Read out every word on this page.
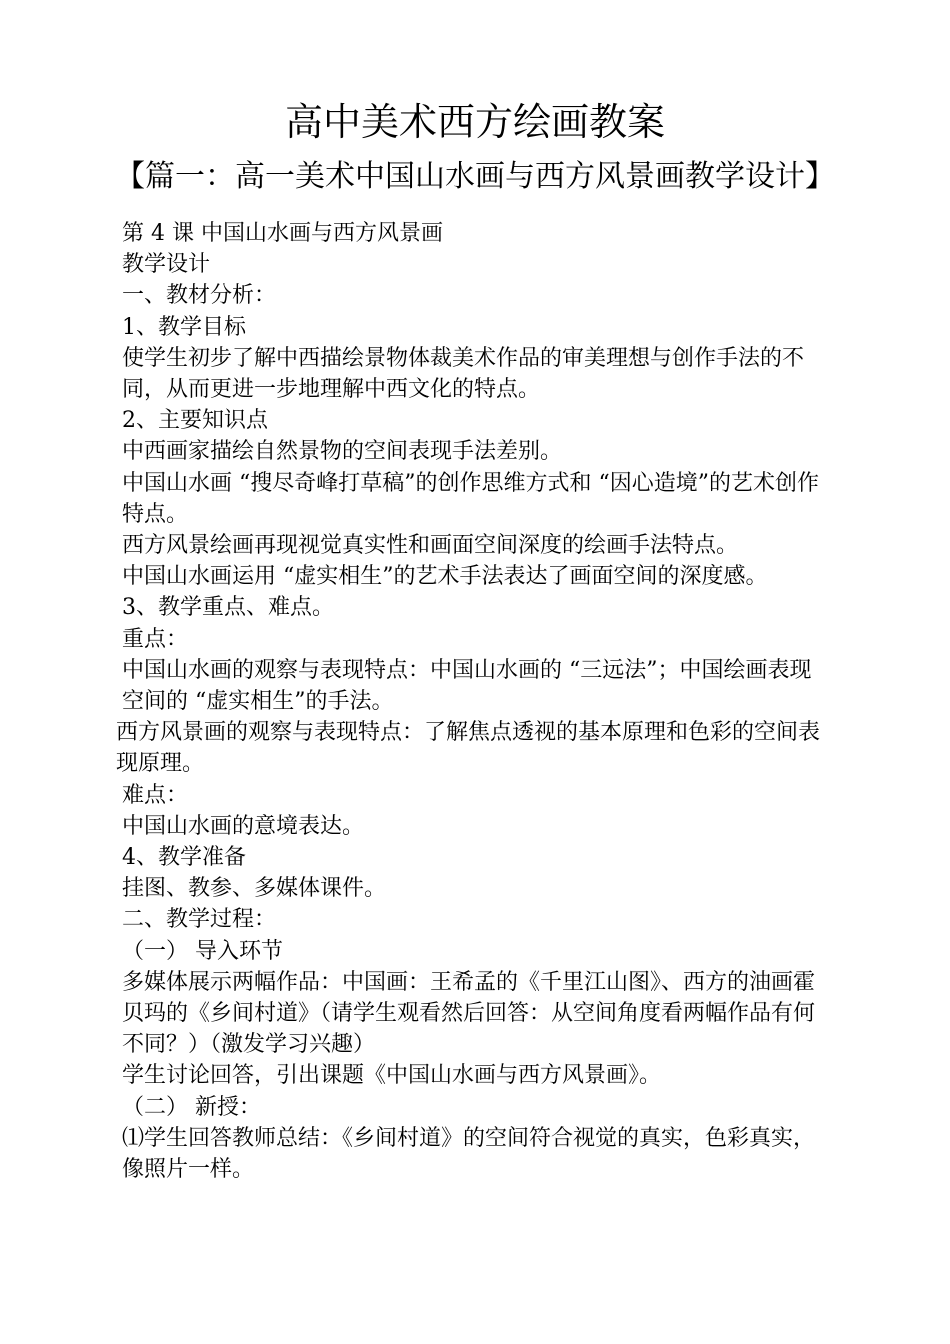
高中美术西方绘画教案
【篇一：高一美术中国山水画与西方风景画教学设计】

第 4 课 中国山水画与西方风景画

教学设计

一、教材分析：

1、教学目标

使学生初步了解中西描绘景物体裁美术作品的审美理想与创作手法的不同，从而更进一步地理解中西文化的特点。

2、主要知识点

中西画家描绘自然景物的空间表现手法差别。

中国山水画 “搜尽奇峰打草稿”的创作思维方式和 “因心造境”的艺术创作特点。

西方风景绘画再现视觉真实性和画面空间深度的绘画手法特点。

中国山水画运用 “虚实相生”的艺术手法表达了画面空间的深度感。

3、教学重点、难点。

重点：

中国山水画的观察与表现特点：中国山水画的 “三远法”；中国绘画表现空间的 “虚实相生”的手法。

西方风景画的观察与表现特点：了解焦点透视的基本原理和色彩的空间表现原理。

难点：

中国山水画的意境表达。

4、教学准备

挂图、教参、多媒体课件。

二、教学过程：

（一） 导入环节

多媒体展示两幅作品：中国画：王希孟的《千里江山图》、西方的油画霍贝玛的《乡间村道》（请学生观看然后回答：从空间角度看两幅作品有何不同？）（激发学习兴趣）

学生讨论回答，引出课题《中国山水画与西方风景画》。

（二） 新授：

⑴学生回答教师总结：《乡间村道》的空间符合视觉的真实，色彩真实，像照片一样。
